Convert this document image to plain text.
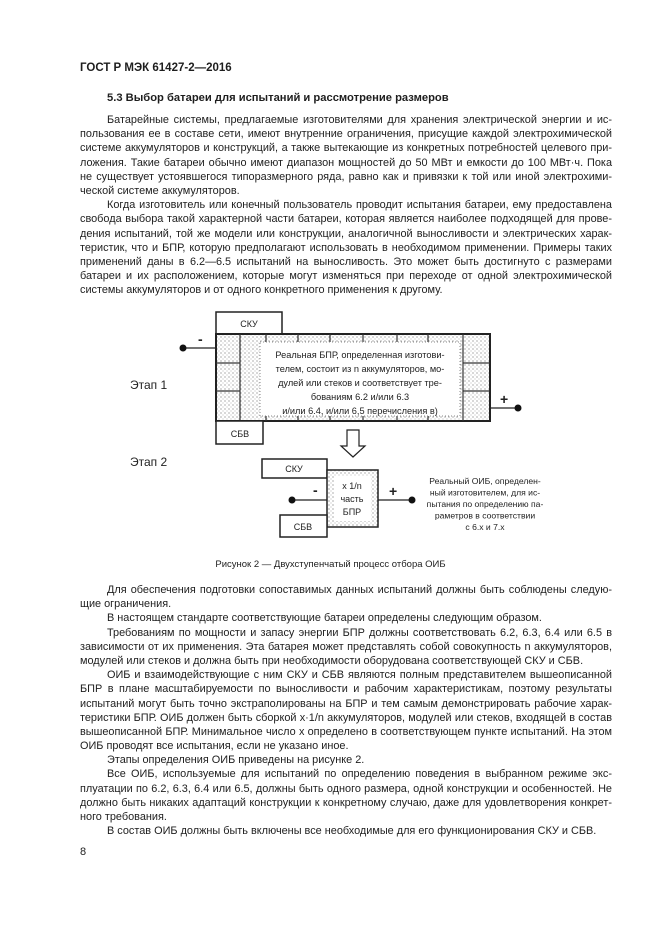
ГОСТ Р МЭК 61427-2—2016
5.3 Выбор батареи для испытаний и рассмотрение размеров
Батарейные системы, предлагаемые изготовителями для хранения электрической энергии и ис-
пользования ее в составе сети, имеют внутренние ограничения, присущие каждой электрохимической
системе аккумуляторов и конструкций, а также вытекающие из конкретных потребностей целевого при-
ложения. Такие батареи обычно имеют диапазон мощностей до 50 МВт и емкости до 100 МВт·ч. Пока
не существует устоявшегося типоразмерного ряда, равно как и привязки к той или иной электрохими-
ческой системе аккумуляторов.
Когда изготовитель или конечный пользователь проводит испытания батареи, ему предоставлена
свобода выбора такой характерной части батареи, которая является наиболее подходящей для прове-
дения испытаний, той же модели или конструкции, аналогичной выносливости и электрических харак-
теристик, что и БПР, которую предполагают использовать в необходимом применении. Примеры таких
применений даны в 6.2—6.5 испытаний на выносливость. Это может быть достигнуто с размерами
батареи и их расположением, которые могут изменяться при переходе от одной электрохимической
системы аккумуляторов и от одного конкретного применения к другому.
Этап 1
Этап 2
СКУ
СБВ
СКУ
СБВ
-
-
+
+
Реальная БПР, определенная изготови-
телем, состоит из n аккумуляторов, мо-
дулей или стеков и соответствует тре-
бованиям 6.2 и/или 6.3
и/или 6.4, и/или 6,5 перечисления в)
x 1/n
часть
БПР
Реальный ОИБ, определен-
ный изготовителем, для ис-
пытания по определению па-
раметров в соответствии
с 6.x и 7.x
Рисунок 2 — Двухступенчатый процесс отбора ОИБ
Для обеспечения подготовки сопоставимых данных испытаний должны быть соблюдены следую-
щие ограничения.
В настоящем стандарте соответствующие батареи определены следующим образом.
Требованиям по мощности и запасу энергии БПР должны соответствовать 6.2, 6.3, 6.4 или 6.5 в
зависимости от их применения. Эта батарея может представлять собой совокупность n аккумуляторов,
модулей или стеков и должна быть при необходимости оборудована соответствующей СКУ и СБВ.
ОИБ и взаимодействующие с ним СКУ и СБВ являются полным представителем вышеописанной
БПР в плане масштабируемости по выносливости и рабочим характеристикам, поэтому результаты
испытаний могут быть точно экстраполированы на БПР и тем самым демонстрировать рабочие харак-
теристики БПР. ОИБ должен быть сборкой x·1/n аккумуляторов, модулей или стеков, входящей в состав
вышеописанной БПР. Минимальное число x определено в соответствующем пункте испытаний. На этом
ОИБ проводят все испытания, если не указано иное.
Этапы определения ОИБ приведены на рисунке 2.
Все ОИБ, используемые для испытаний по определению поведения в выбранном режиме экс-
плуатации по 6.2, 6.3, 6.4 или 6.5, должны быть одного размера, одной конструкции и особенностей. Не
должно быть никаких адаптаций конструкции к конкретному случаю, даже для удовлетворения конкрет-
ного требования.
В состав ОИБ должны быть включены все необходимые для его функционирования СКУ и СБВ.
8
